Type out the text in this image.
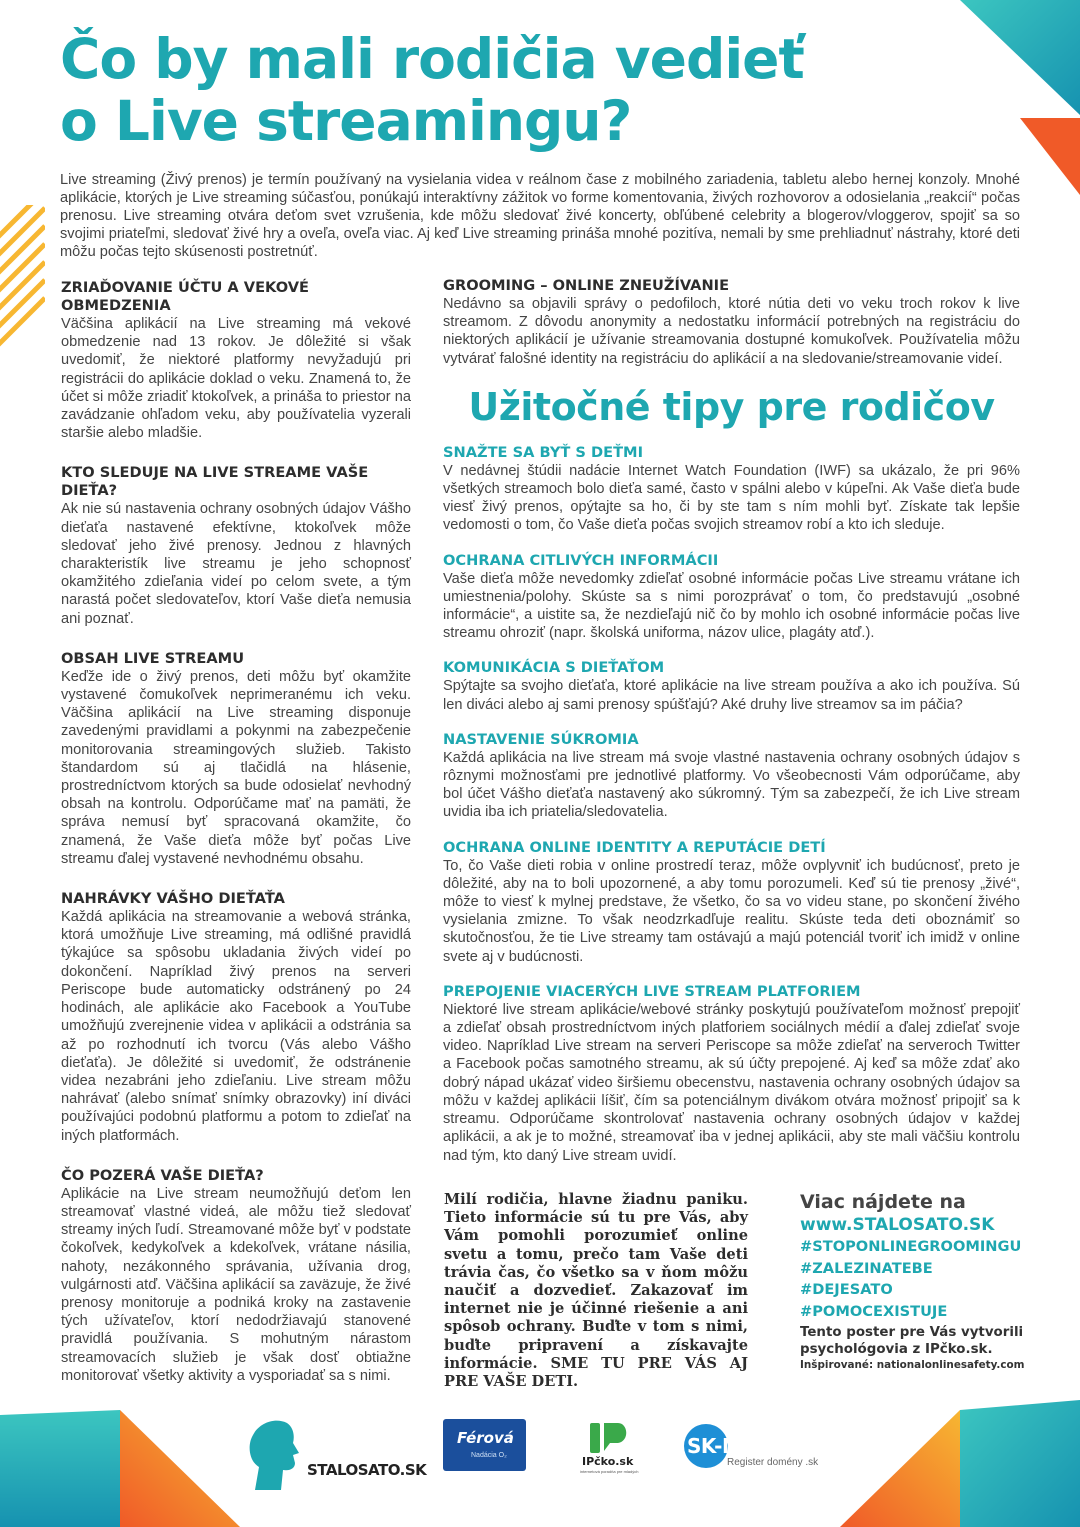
Čo by mali rodičia vedieť
o Live streamingu?

Live streaming (Živý prenos) je termín používaný na vysielania videa v reálnom čase z mobilného zariadenia, tabletu alebo hernej konzoly. Mnohé aplikácie, ktorých je Live streaming súčasťou, ponúkajú interaktívny zážitok vo forme komentovania, živých rozhovorov a odosielania „reakcií“ počas prenosu. Live streaming otvára deťom svet vzrušenia, kde môžu sledovať živé koncerty, obľúbené celebrity a blogerov/vloggerov, spojiť sa so svojimi priateľmi, sledovať živé hry a oveľa, oveľa viac. Aj keď Live streaming prináša mnohé pozitíva, nemali by sme prehliadnuť nástrahy, ktoré deti môžu počas tejto skúsenosti postretnúť.

ZRIAĎOVANIE ÚČTU A VEKOVÉ OBMEDZENIA

Väčšina aplikácií na Live streaming má vekové obmedzenie nad 13 rokov. Je dôležité si však uvedomiť, že niektoré platformy nevyžadujú pri registrácii do aplikácie doklad o veku. Znamená to, že účet si môže zriadiť ktokoľvek, a prináša to priestor na zavádzanie ohľadom veku, aby používatelia vyzerali staršie alebo mladšie.

KTO SLEDUJE NA LIVE STREAME VAŠE DIEŤA?

Ak nie sú nastavenia ochrany osobných údajov Vášho dieťaťa nastavené efektívne, ktokoľvek môže sledovať jeho živé prenosy. Jednou z hlavných charakteristík live streamu je jeho schopnosť okamžitého zdieľania videí po celom svete, a tým narastá počet sledovateľov, ktorí Vaše dieťa nemusia ani poznať.

OBSAH LIVE STREAMU

Keďže ide o živý prenos, deti môžu byť okamžite vystavené čomukoľvek neprimeranému ich veku. Väčšina aplikácií na Live streaming disponuje zavedenými pravidlami a pokynmi na zabezpečenie monitorovania streamingových služieb. Takisto štandardom sú aj tlačidlá na hlásenie, prostredníctvom ktorých sa bude odosielať nevhodný obsah na kontrolu. Odporúčame mať na pamäti, že správa nemusí byť spracovaná okamžite, čo znamená, že Vaše dieťa môže byť počas Live streamu ďalej vystavené nevhodnému obsahu.

NAHRÁVKY VÁŠHO DIEŤAŤA

Každá aplikácia na streamovanie a webová stránka, ktorá umožňuje Live streaming, má odlišné pravidlá týkajúce sa spôsobu ukladania živých videí po dokončení. Napríklad živý prenos na serveri Periscope bude automaticky odstránený po 24 hodinách, ale aplikácie ako Facebook a YouTube umožňujú zverejnenie videa v aplikácii a odstránia sa až po rozhodnutí ich tvorcu (Vás alebo Vášho dieťaťa). Je dôležité si uvedomiť, že odstránenie videa nezabráni jeho zdieľaniu. Live stream môžu nahrávať (alebo snímať snímky obrazovky) iní diváci používajúci podobnú platformu a potom to zdieľať na iných platformách.

ČO POZERÁ VAŠE DIEŤA?

Aplikácie na Live stream neumožňujú deťom len streamovať vlastné videá, ale môžu tiež sledovať streamy iných ľudí. Streamované môže byť v podstate čokoľvek, kedykoľvek a kdekoľvek, vrátane násilia, nahoty, nezákonného správania, užívania drog, vulgárnosti atď. Väčšina aplikácií sa zaväzuje, že živé prenosy monitoruje a podniká kroky na zastavenie tých užívateľov, ktorí nedodržiavajú stanovené pravidlá používania. S mohutným nárastom streamovacích služieb je však dosť obtiažne monitorovať všetky aktivity a vysporiadať sa s nimi.

GROOMING – ONLINE ZNEUŽÍVANIE

Nedávno sa objavili správy o pedofiloch, ktoré nútia deti vo veku troch rokov k live streamom. Z dôvodu anonymity a nedostatku informácií potrebných na registráciu do niektorých aplikácií je užívanie streamovania dostupné komukoľvek. Používatelia môžu vytvárať falošné identity na registráciu do aplikácií a na sledovanie/streamovanie videí.

Užitočné tipy pre rodičov
SNAŽTE SA BYŤ S DEŤMI

V nedávnej štúdii nadácie Internet Watch Foundation (IWF) sa ukázalo, že pri 96% všetkých streamoch bolo dieťa samé, často v spálni alebo v kúpeľni. Ak Vaše dieťa bude viesť živý prenos, opýtajte sa ho, či by ste tam s ním mohli byť. Získate tak lepšie vedomosti o tom, čo Vaše dieťa počas svojich streamov robí a kto ich sleduje.

OCHRANA CITLIVÝCH INFORMÁCII

Vaše dieťa môže nevedomky zdieľať osobné informácie počas Live streamu vrátane ich umiestnenia/polohy. Skúste sa s nimi porozprávať o tom, čo predstavujú „osobné informácie“, a uistite sa, že nezdieľajú nič čo by mohlo ich osobné informácie počas live streamu ohroziť (napr. školská uniforma, názov ulice, plagáty atď.).

KOMUNIKÁCIA S DIEŤAŤOM

Spýtajte sa svojho dieťaťa, ktoré aplikácie na live stream používa a ako ich používa. Sú len diváci alebo aj sami prenosy spúšťajú? Aké druhy live streamov sa im páčia?

NASTAVENIE SÚKROMIA

Každá aplikácia na live stream má svoje vlastné nastavenia ochrany osobných údajov s rôznymi možnosťami pre jednotlivé platformy. Vo všeobecnosti Vám odporúčame, aby bol účet Vášho dieťaťa nastavený ako súkromný. Tým sa zabezpečí, že ich Live stream uvidia iba ich priatelia/sledovatelia.

OCHRANA ONLINE IDENTITY A REPUTÁCIE DETÍ

To, čo Vaše dieti robia v online prostredí teraz, môže ovplyvniť ich budúcnosť, preto je dôležité, aby na to boli upozornené, a aby tomu porozumeli. Keď sú tie prenosy „živé“, môže to viesť k mylnej predstave, že všetko, čo sa vo videu stane, po skončení živého vysielania zmizne. To však neodzrkadľuje realitu. Skúste teda deti oboznámiť so skutočnosťou, že tie Live streamy tam ostávajú a majú potenciál tvoriť ich imidž v online svete aj v budúcnosti.

PREPOJENIE VIACERÝCH LIVE STREAM PLATFORIEM

Niektoré live stream aplikácie/webové stránky poskytujú používateľom možnosť prepojiť a zdieľať obsah prostredníctvom iných platforiem sociálnych médií a ďalej zdieľať svoje video. Napríklad Live stream na serveri Periscope sa môže zdieľať na serveroch Twitter a Facebook počas samotného streamu, ak sú účty prepojené. Aj keď sa môže zdať ako dobrý nápad ukázať video širšiemu obecenstvu, nastavenia ochrany osobných údajov sa môžu v každej aplikácii líšiť, čím sa potenciálnym divákom otvára možnosť pripojiť sa k streamu. Odporúčame skontrolovať nastavenia ochrany osobných údajov v každej aplikácii, a ak je to možné, streamovať iba v jednej aplikácii, aby ste mali väčšiu kontrolu nad tým, kto daný Live stream uvidí.

Milí rodičia, hlavne žiadnu paniku. Tieto informácie sú tu pre Vás, aby Vám pomohli porozumieť online svetu a tomu, prečo tam Vaše deti trávia čas, čo všetko sa v ňom môžu naučiť a dozvedieť. Zakazovať im internet nie je účinné riešenie a ani spôsob ochrany. Buďte v tom s nimi, buďte pripravení a získavajte informácie. SME TU PRE VÁS AJ PRE VAŠE DETI.

Viac nájdete na
www.STALOSATO.SK
#STOPONLINEGROOMINGU
#ZALEZINATEBE
#DEJESATO
#POMOCEXISTUJE
Tento poster pre Vás vytvorili psychológovia z IPčko.sk.
Inšpirované: nationalonlinesafety.com
STALOSATO.SK
Férová
Nadácia O₂	IPčko.sk
internetová poradňa pre mladých
SK-NIC
Register domény .sk
